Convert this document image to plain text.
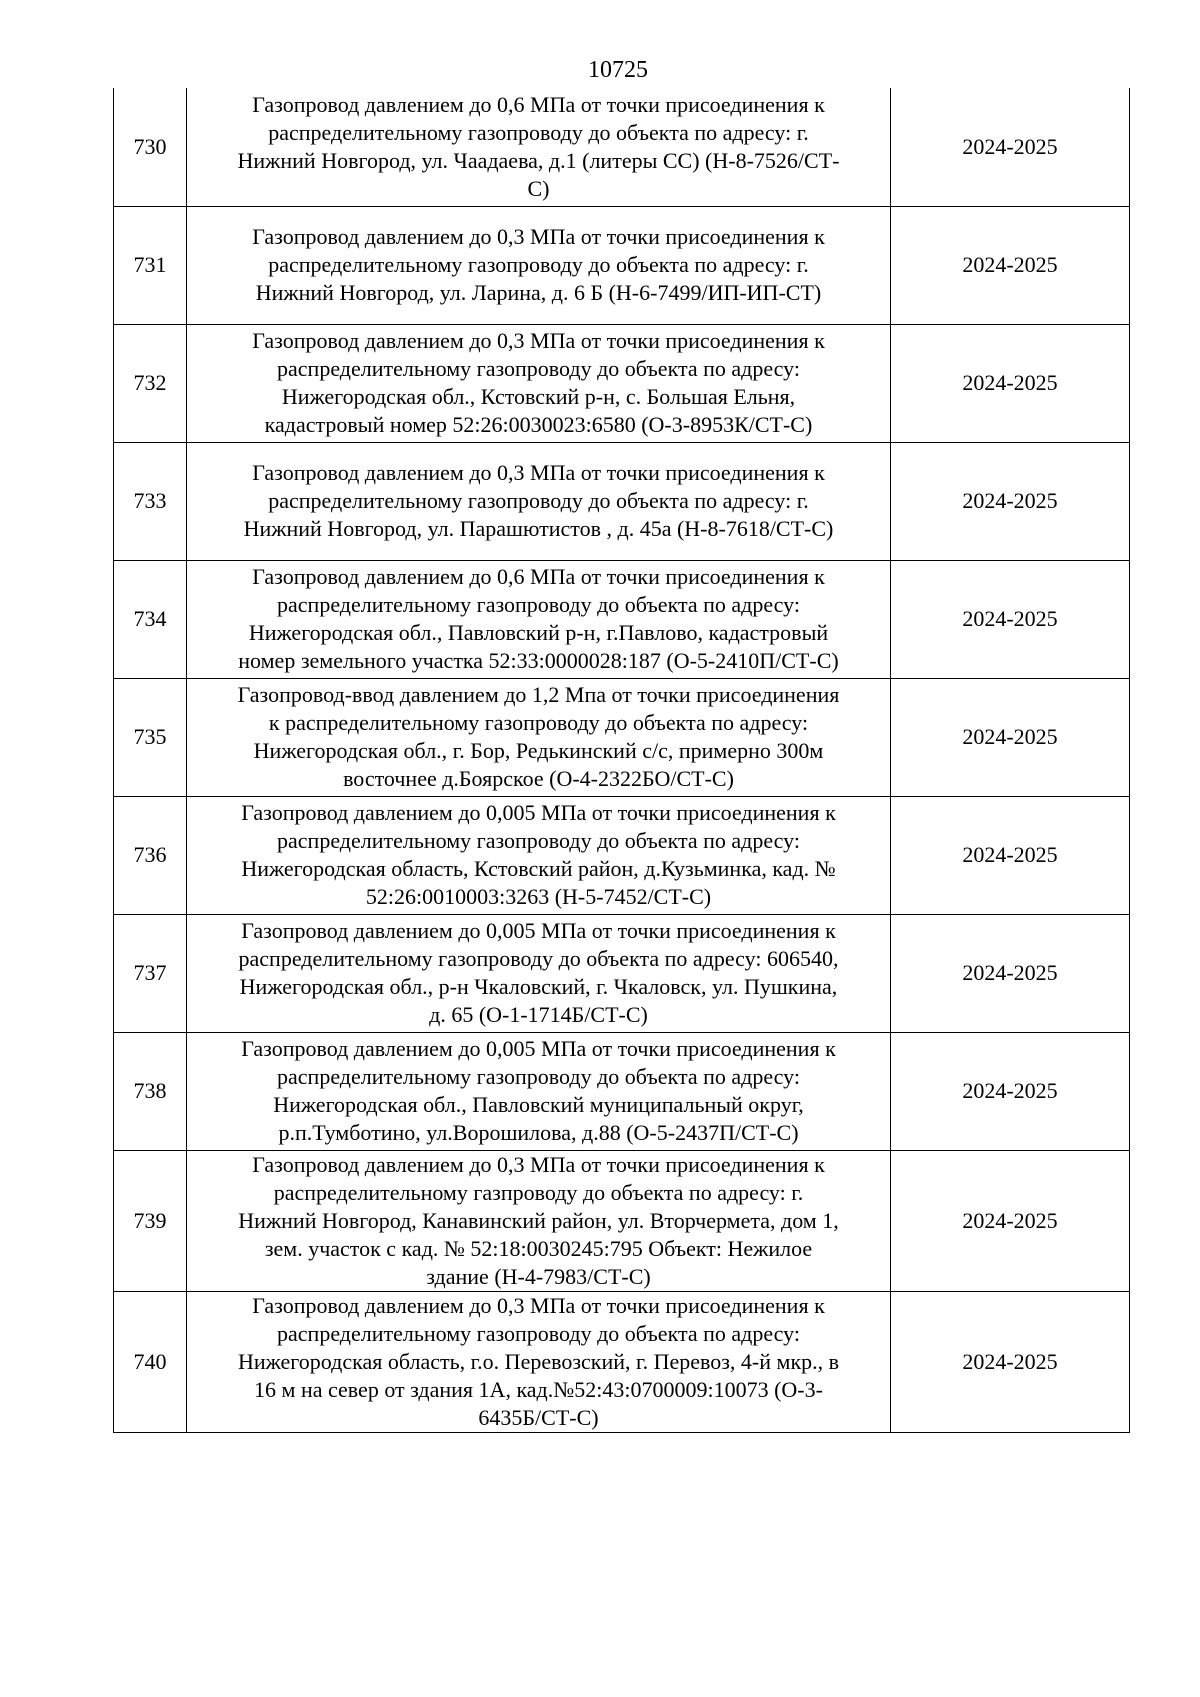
10725
730	Газопровод давлением до 0,6 МПа от точки присоединения к
распределительному газопроводу до объекта по адресу: г.
Нижний Новгород, ул. Чаадаева, д.1 (литеры СС) (Н-8-7526/СТ-
С)	2024-2025
731	Газопровод давлением до 0,3 МПа от точки присоединения к
распределительному газопроводу до объекта по адресу: г.
Нижний Новгород, ул. Ларина, д. 6 Б (Н-6-7499/ИП-ИП-СТ)	2024-2025
732	Газопровод давлением до 0,3 МПа от точки присоединения к
распределительному газопроводу до объекта по адресу:
Нижегородская обл., Кстовский р-н, с. Большая Ельня,
кадастровый номер 52:26:0030023:6580 (О-3-8953К/СТ-С)	2024-2025
733	Газопровод давлением до 0,3 МПа от точки присоединения к
распределительному газопроводу до объекта по адресу: г.
Нижний Новгород, ул. Парашютистов , д. 45а (Н-8-7618/СТ-С)	2024-2025
734	Газопровод давлением до 0,6 МПа от точки присоединения к
распределительному газопроводу до объекта по адресу:
Нижегородская обл., Павловский р-н, г.Павлово, кадастровый
номер земельного участка 52:33:0000028:187 (О-5-2410П/СТ-С)	2024-2025
735	Газопровод-ввод давлением до 1,2 Мпа от точки присоединения
к распределительному газопроводу до объекта по адресу:
Нижегородская обл., г. Бор, Редькинский с/с, примерно 300м
восточнее д.Боярское (О-4-2322БО/СТ-С)	2024-2025
736	Газопровод давлением до 0,005 МПа от точки присоединения к
распределительному газопроводу до объекта по адресу:
Нижегородская область, Кстовский район, д.Кузьминка, кад. №
52:26:0010003:3263 (Н-5-7452/СТ-С)	2024-2025
737	Газопровод давлением до 0,005 МПа от точки присоединения к
распределительному газопроводу до объекта по адресу: 606540,
Нижегородская обл., р-н Чкаловский, г. Чкаловск, ул. Пушкина,
д. 65 (О-1-1714Б/СТ-С)	2024-2025
738	Газопровод давлением до 0,005 МПа от точки присоединения к
распределительному газопроводу до объекта по адресу:
Нижегородская обл., Павловский муниципальный округ,
р.п.Тумботино, ул.Ворошилова, д.88 (О-5-2437П/СТ-С)	2024-2025
739	Газопровод давлением до 0,3 МПа от точки присоединения к
распределительному газпроводу до объекта по адресу: г.
Нижний Новгород, Канавинский район, ул. Вторчермета, дом 1,
зем. участок с кад. № 52:18:0030245:795 Объект: Нежилое
здание (Н-4-7983/СТ-С)	2024-2025
740	Газопровод давлением до 0,3 МПа от точки присоединения к
распределительному газопроводу до объекта по адресу:
Нижегородская область, г.о. Перевозский, г. Перевоз, 4-й мкр., в
16 м на север от здания 1А, кад.№52:43:0700009:10073 (О-3-
6435Б/СТ-С)	2024-2025
